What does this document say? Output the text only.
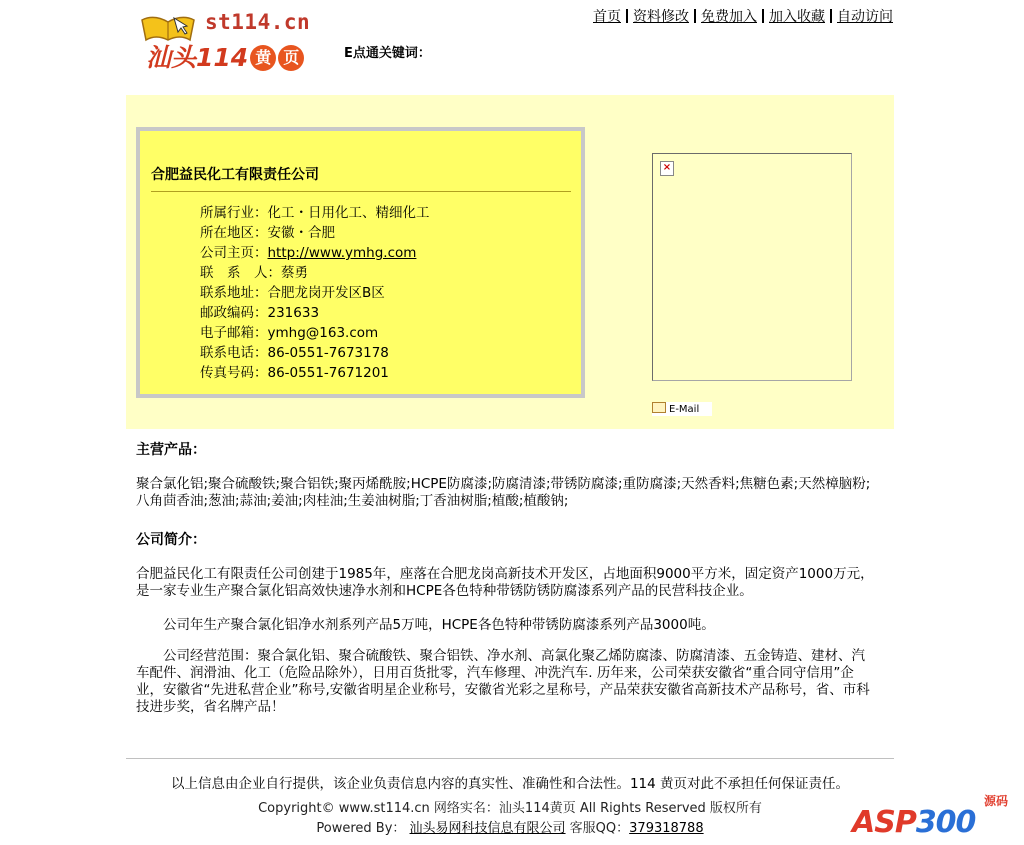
st114.cn
汕头114 黄 页	E点通关键词：
首页 资料修改 免费加入 加入收藏 自动访问
合肥益民化工有限责任公司
所属行业：化工・日用化工、精细化工
所在地区：安徽・合肥
公司主页：http://www.ymhg.com
联　系　人：蔡勇
联系地址：合肥龙岗开发区B区
邮政编码：231633
电子邮箱：ymhg@163.com
联系电话：86-0551-7673178
传真号码：86-0551-7671201
×
E-Mail
主营产品：
聚合氯化铝;聚合硫酸铁;聚合铝铁;聚丙烯酰胺;HCPE防腐漆;防腐清漆;带锈防腐漆;重防腐漆;天然香料;焦糖色素;天然樟脑粉;八角茴香油;葱油;蒜油;姜油;肉桂油;生姜油树脂;丁香油树脂;植酸;植酸钠;
公司简介：
合肥益民化工有限责任公司创建于1985年，座落在合肥龙岗高新技术开发区，占地面积9000平方米，固定资产1000万元，是一家专业生产聚合氯化铝高效快速净水剂和HCPE各色特种带锈防锈防腐漆系列产品的民营科技企业。
公司年生产聚合氯化铝净水剂系列产品5万吨，HCPE各色特种带锈防腐漆系列产品3000吨。
公司经营范围：聚合氯化铝、聚合硫酸铁、聚合铝铁、净水剂、高氯化聚乙烯防腐漆、防腐清漆、五金铸造、建材、汽车配件、润滑油、化工（危险品除外），日用百货批零，汽车修理、冲洗汽车. 历年来，公司荣获安徽省“重合同守信用”企业，安徽省“先进私营企业”称号,安徽省明星企业称号，安徽省光彩之星称号，产品荣获安徽省高新技术产品称号，省、市科技进步奖，省名牌产品！
以上信息由企业自行提供，该企业负责信息内容的真实性、准确性和合法性。114 黄页对此不承担任何保证责任。
Copyright© www.st114.cn 网络实名：汕头114黄页 All Rights Reserved 版权所有
Powered By： 汕头易网科技信息有限公司 客服QQ：379318788	ASP300
源码
